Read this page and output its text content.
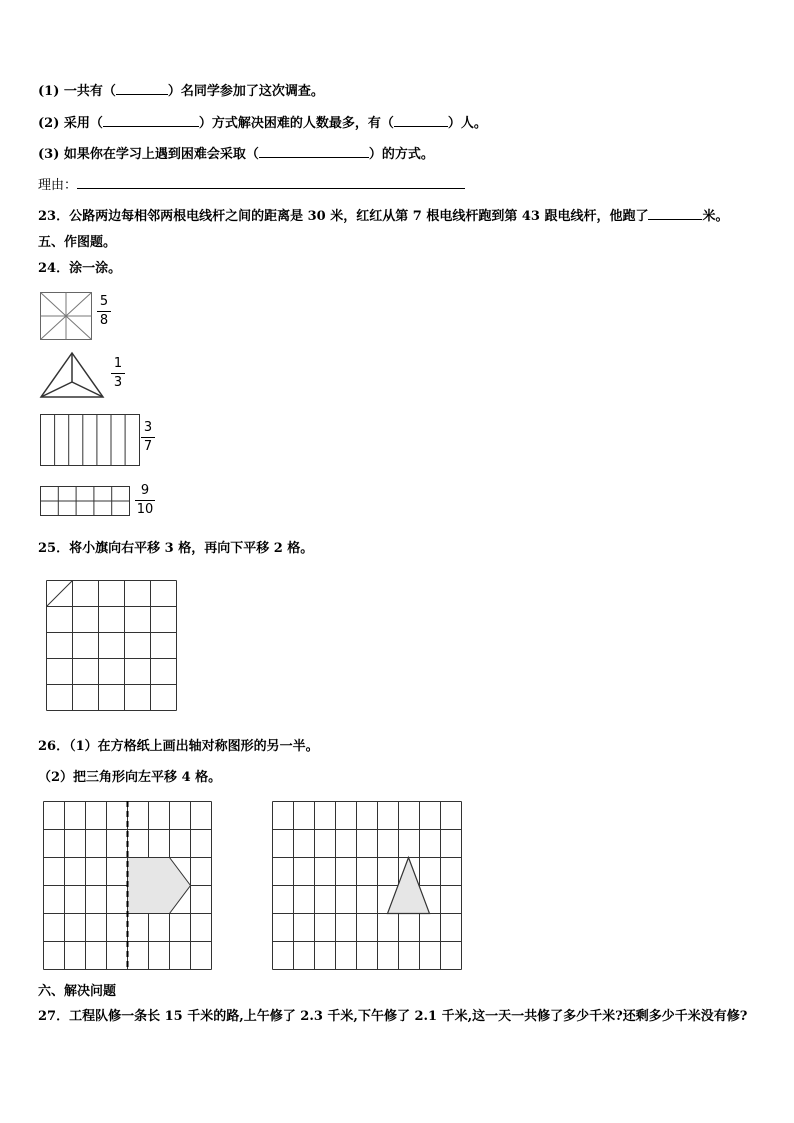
(1) 一共有（	）名同学参加了这次调查。
(2) 采用（	）方式解决困难的人数最多，有（	）人。
(3) 如果你在学习上遇到困难会采取（	）的方式。
理由：
23．公路两边每相邻两根电线杆之间的距离是 30 米，红红从第 7 根电线杆跑到第 43 跟电线杆，他跑了	米。
五、作图题。
24．涂一涂。
5
8
1
3
3
7
9
10
25．将小旗向右平移 3 格，再向下平移 2 格。
26．（1）在方格纸上画出轴对称图形的另一半。
（2）把三角形向左平移 4 格。
六、解决问题
27．工程队修一条长 15 千米的路,上午修了 2.3 千米,下午修了 2.1 千米,这一天一共修了多少千米?还剩多少千米没有修?
